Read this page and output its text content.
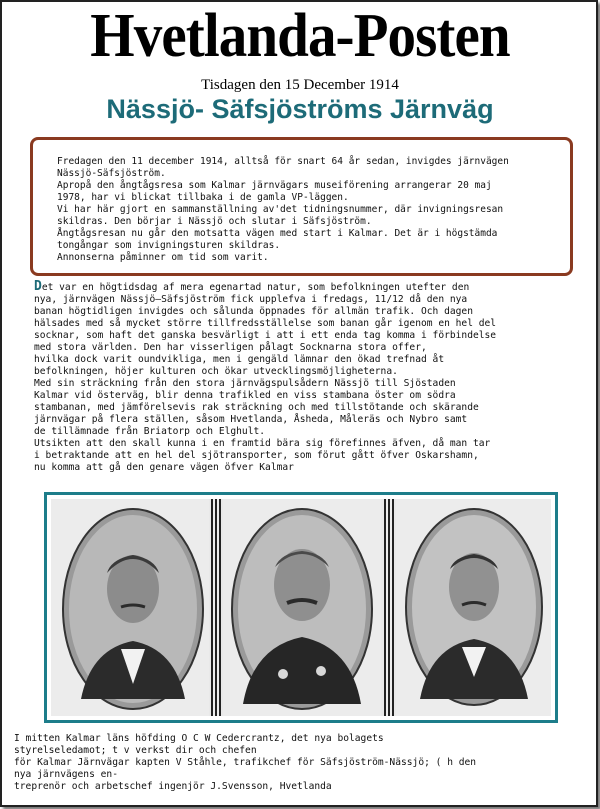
Hvetlanda-Posten
Tisdagen den 15 December 1914
Nässjö- Säfsjöströms Järnväg
Fredagen den 11 december 1914, alltså för snart 64 år sedan, invigdes järnvägen
Nässjö-Säfsjöström.
Apropå den ångtågsresa som Kalmar järnvägars museiförening arrangerar 20 maj
1978, har vi blickat tillbaka i de gamla VP-läggen.
Vi har här gjort en sammanställning av'det tidningsnummer, där invigningsresan
skildras. Den börjar i Nässjö och slutar i Säfsjöström.
Ångtågsresan nu går den motsatta vägen med start i Kalmar. Det är i högstämda
tongångar som invigningsturen skildras.
Annonserna påminner om tid som varit.
Det var en högtidsdag af mera egenartad natur, som befolkningen utefter den
nya, järnvägen Nässjö—Säfsjöström fick upplefva i fredags, 11/12 då den nya
banan högtidligen invigdes och sålunda öppnades för allmän trafik. Och dagen
hälsades med så mycket större tillfredsställelse som banan går igenom en hel del
socknar, som haft det ganska besvärligt i att i ett enda tag komma i förbindelse
med stora världen. Den har visserligen pålagt Socknarna stora offer,
hvilka dock varit oundvikliga, men i gengäld lämnar den ökad trefnad åt
befolkningen, höjer kulturen och ökar utvecklingsmöjligheterna.
Med sin sträckning från den stora järnvägspulsådern Nässjö till Sjöstaden
Kalmar vid österväg, blir denna trafikled en viss stambana öster om södra
stambanan, med jämförelsevis rak sträckning och med tillstötande och skärande
järnvägar på flera ställen, såsom Hvetlanda, Åsheda, Måleräs och Nybro samt
de tillämnade från Briatorp och Elghult.
Utsikten att den skall kunna i en framtid bära sig förefinnes äfven, då man tar
i betraktande att en hel del sjötransporter, som förut gått öfver Oskarshamn,
nu komma att gå den genare vägen öfver Kalmar
I mitten Kalmar läns höfding O C W Cedercrantz, det nya bolagets
styrelseledamot; t v verkst dir och chefen
för Kalmar Järnvägar kapten V Ståhle, trafikchef för Säfsjöström-Nässjö; ( h den
nya järnvägens en-
treprenör och arbetschef ingenjör J.Svensson, Hvetlanda
